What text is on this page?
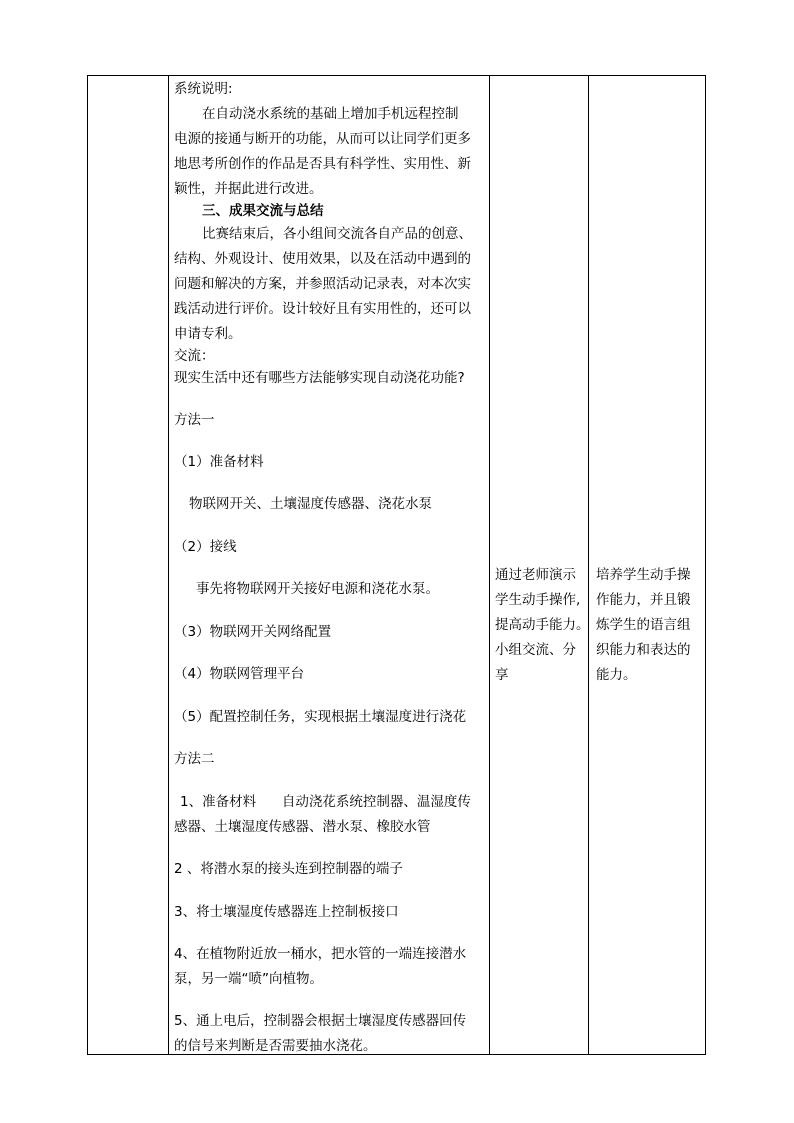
系统说明:
在自动浇水系统的基础上增加手机远程控制
电源的接通与断开的功能，从而可以让同学们更多
地思考所创作的作品是否具有科学性、实用性、新
颖性，并据此进行改进。
三、成果交流与总结
比赛结束后，各小组间交流各自产品的创意、
结构、外观设计、使用效果，以及在活动中遇到的
问题和解决的方案，并参照活动记录表，对本次实
践活动进行评价。设计较好且有实用性的，还可以
申请专利。
交流：
现实生活中还有哪些方法能够实现自动浇花功能?
方法一
（1）准备材料
物联网开关、土壤湿度传感器、浇花水泵
（2）接线
事先将物联网开关接好电源和浇花水泵。
（3）物联网开关网络配置
（4）物联网管理平台
（5）配置控制任务，实现根据土壤湿度进行浇花
方法二
1、准备材料      自动浇花系统控制器、温湿度传
感器、土壤湿度传感器、潜水泵、橡胶水管
2 、将潜水泵的接头连到控制器的端子
3、将士壤湿度传感器连上控制板接口
4、在植物附近放一桶水，把水管的一端连接潜水
泵，另一端“喷”向植物。
5、通上电后，控制器会根据士壤湿度传感器回传
的信号来判断是否需要抽水浇花。
通过老师演示
学生动手操作,
提高动手能力。
小组交流、分
享
培养学生动手操
作能力，并且锻
炼学生的语言组
织能力和表达的
能力。
